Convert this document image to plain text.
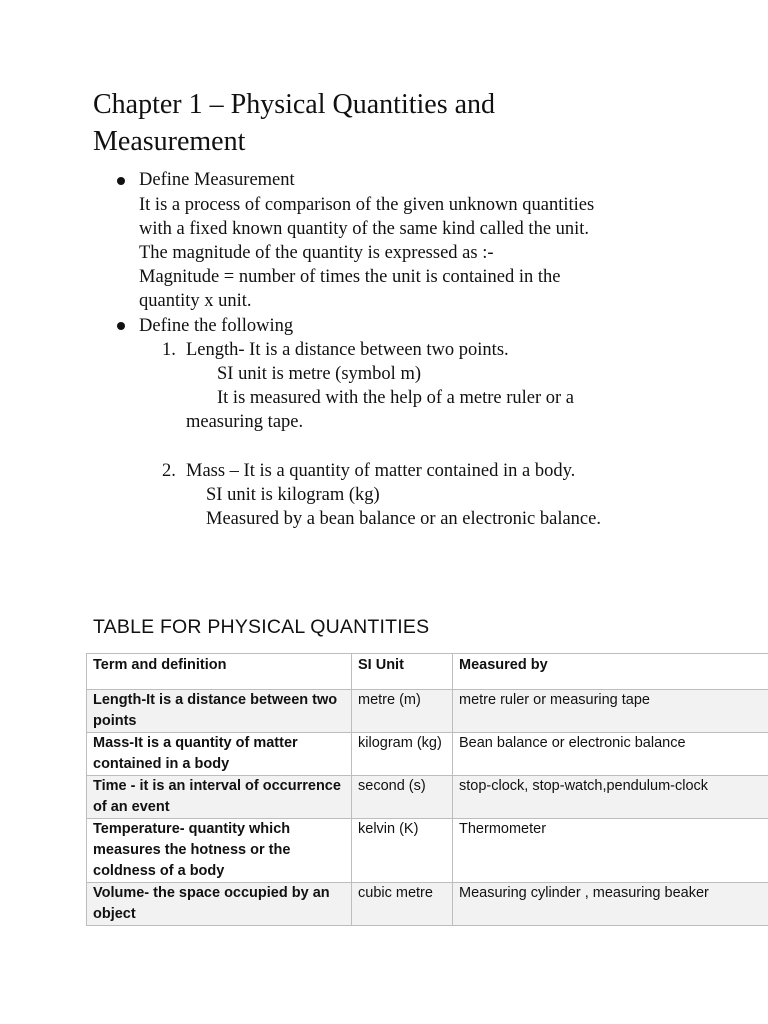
Chapter 1 – Physical Quantities and Measurement
Define Measurement
It is a process of comparison of the given unknown quantities
with a fixed known quantity of the same kind called the unit.
The magnitude of the quantity is expressed as :-
Magnitude = number of times the unit is contained in the
quantity x unit.
Define the following
1. Length- It is a distance between two points.
SI unit is metre (symbol m)
It is measured with the help of a metre ruler or a
measuring tape.
2. Mass – It is a quantity of matter contained in a body.
SI unit is kilogram (kg)
Measured by a bean balance or an electronic balance.
TABLE FOR PHYSICAL QUANTITIES
Term and definition	SI Unit	Measured by
Length-It is a distance between two points	metre (m)	metre ruler or measuring tape
Mass-It is a quantity of matter contained in a body	kilogram (kg)	Bean balance or electronic balance
Time - it is an interval of occurrence of an event	second (s)	stop-clock, stop-watch,pendulum-clock
Temperature- quantity which measures the hotness or the coldness of a body	kelvin (K)	Thermometer
Volume- the space occupied by an object	cubic metre	Measuring cylinder , measuring beaker
